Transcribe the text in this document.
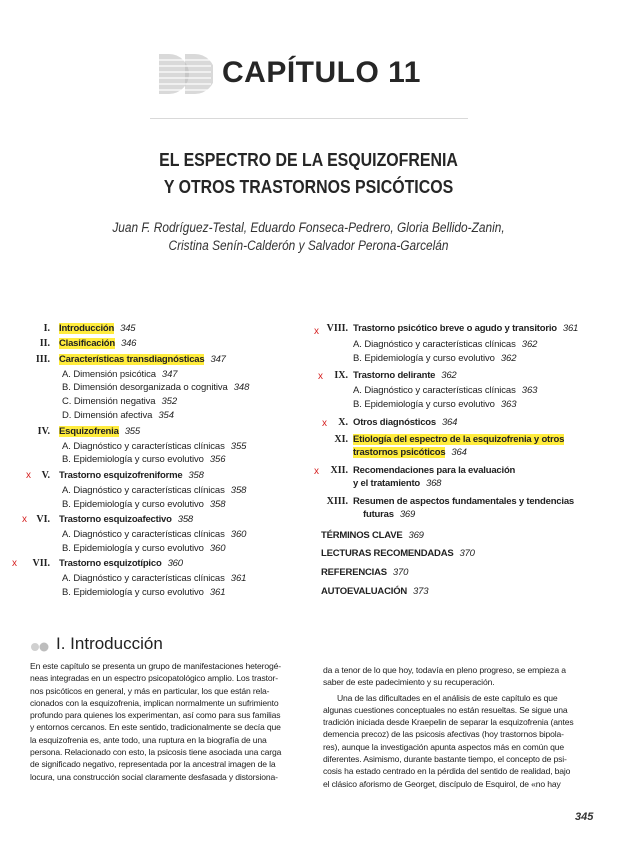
CAPÍTULO 11
EL ESPECTRO DE LA ESQUIZOFRENIA
Y OTROS TRASTORNOS PSICÓTICOS
Juan F. Rodríguez-Testal, Eduardo Fonseca-Pedrero, Gloria Bellido-Zanin,
Cristina Senín-Calderón y Salvador Perona-Garcelán
I. Introducción 345
II. Clasificación 346
III. Características transdiagnósticas 347
A. Dimensión psicótica 347
B. Dimensión desorganizada o cognitiva 348
C. Dimensión negativa 352
D. Dimensión afectiva 354
IV. Esquizofrenia 355
A. Diagnóstico y características clínicas 355
B. Epidemiología y curso evolutivo 356
x	V. Trastorno esquizofreniforme 358
A. Diagnóstico y características clínicas 358
B. Epidemiología y curso evolutivo 358
x VI. Trastorno esquizoafectivo 358
A. Diagnóstico y características clínicas 360
B. Epidemiología y curso evolutivo 360
x	VII. Trastorno esquizotípico 360
A. Diagnóstico y características clínicas 361
B. Epidemiología y curso evolutivo 361
x VIII. Trastorno psicótico breve o agudo y transitorio 361
A. Diagnóstico y características clínicas 362
B. Epidemiología y curso evolutivo 362
x	IX. Trastorno delirante 362
A. Diagnóstico y características clínicas 363
B. Epidemiología y curso evolutivo 363
x	X. Otros diagnósticos 364
XI. Etiología del espectro de la esquizofrenia y otros
trastornos psicóticos 364
x	XII. Recomendaciones para la evaluación
y el tratamiento 368
XIII. Resumen de aspectos fundamentales y tendencias
futuras 369
TÉRMINOS CLAVE 369
LECTURAS RECOMENDADAS 370
REFERENCIAS 370
AUTOEVALUACIÓN 373
I. Introducción
En este capítulo se presenta un grupo de manifestaciones heterogé-
neas integradas en un espectro psicopatológico amplio. Los trastor-
nos psicóticos en general, y más en particular, los que están rela-
cionados con la esquizofrenia, implican normalmente un sufrimiento
profundo para quienes los experimentan, así como para sus familias
y entornos cercanos. En este sentido, tradicionalmente se decía que
la esquizofrenia es, ante todo, una ruptura en la biografía de una
persona. Relacionado con esto, la psicosis tiene asociada una carga
de significado negativo, representada por la ancestral imagen de la
locura, una construcción social claramente desfasada y distorsiona-
da a tenor de lo que hoy, todavía en pleno progreso, se empieza a
saber de este padecimiento y su recuperación.
Una de las dificultades en el análisis de este capítulo es que
algunas cuestiones conceptuales no están resueltas. Se sigue una
tradición iniciada desde Kraepelin de separar la esquizofrenia (antes
demencia precoz) de las psicosis afectivas (hoy trastornos bipola-
res), aunque la investigación apunta aspectos más en común que
diferentes. Asimismo, durante bastante tiempo, el concepto de psi-
cosis ha estado centrado en la pérdida del sentido de realidad, bajo
el clásico aforismo de Georget, discípulo de Esquirol, de «no hay
345
